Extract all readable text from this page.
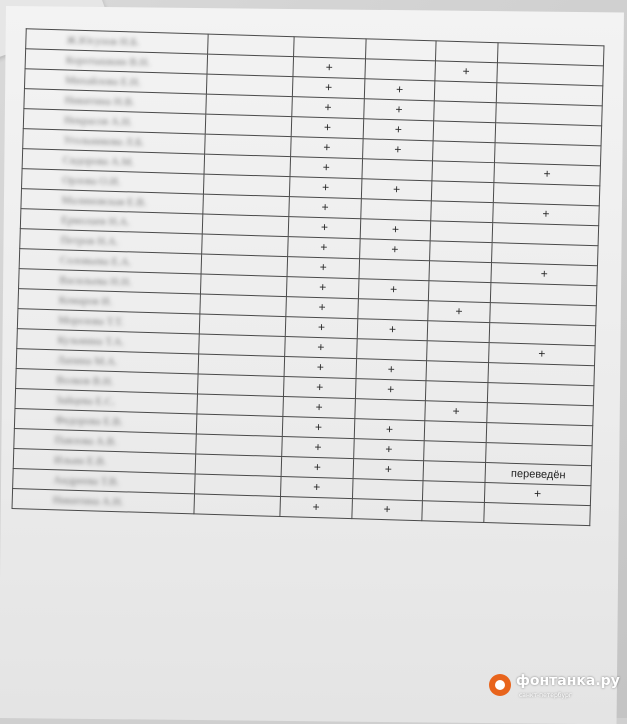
Ж.Юсупов Н.Б.					
Коротышкин В.Н.		+		+	
Михайлова Е.Н.		+	+		
Никитина Н.В.		+	+		
Некрасов А.Н.		+	+		
Угольникова Л.Б.		+	+		
Сидорова А.М.		+			+
Орлова О.И.		+	+		
Малиновская Е.В.		+			+
Ермолаев Н.А.		+	+		
Петров Н.А.		+	+		
Соловьева Е.А.		+			+
Васильева Н.Н.		+	+		
Комаров И.		+		+	
Морозова Т.Т.		+	+		
Кузьмина Т.А.		+			+
Лапина М.А.		+	+		
Волков В.Н.		+	+		
Зайцева Е.С.		+		+	
Федорова Е.В.		+	+		
Павлова А.В.		+	+		
Ильин Е.В.		+	+		переведён
Андреева Т.В.		+			+
Никитина А.Н.		+	+		
фонтанка.ру
санкт-петербург
